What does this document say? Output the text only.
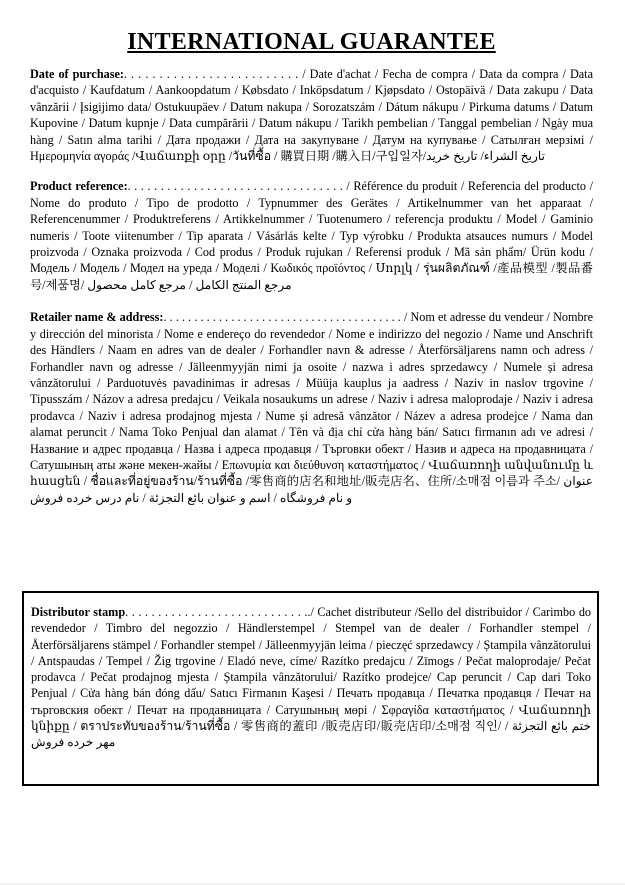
INTERNATIONAL GUARANTEE

Date of purchase:. . . . . . . . . . . . . . . . . . . . . . . . . / Date d'achat / Fecha de compra / Data da compra / Data d'acquisto / Kaufdatum / Aankoopdatum / Købsdato / Inköpsdatum / Kjøpsdato / Ostopäivä / Data zakupu / Data vânzării / Įsigijimo data/ Ostukuupäev / Datum nakupa / Sorozatszám / Dátum nákupu / Pirkuma datums / Datum Kupovine / Datum kupnje / Data cumpărării / Datum nákupu / Tarikh pembelian / Tanggal pembelian / Ngày mua hàng / Satın alma tarihi / Дата продажи / Дата на закупуване / Датум на купување / Сатылған мерзімі / Ημερομηνία αγοράς /Վաճառքի օրը /วันที่ซื้อ / 購買日期 /購入日/구입일자/تاريخ الشراء/ تاریخ خرید

Product reference:. . . . . . . . . . . . . . . . . . . . . . . . . . . . . . . . . / Référence du produit / Referencia del producto / Nome do produto / Tipo de prodotto / Typnummer des Gerätes / Artikelnummer van het apparaat / Referencenummer / Produktreferens / Artikkelnummer / Tuotenumero / referencja produktu / Model / Gaminio numeris / Toote viitenumber / Tip aparata / Vásárlás kelte / Typ výrobku / Produkta atsauces numurs / Model proizvoda / Oznaka proizvoda / Cod produs / Produk rujukan / Referensi produk / Mã sản phẩm/ Ürün kodu / Модель / Модель / Модел на уреда / Моделі / Κωδικός προϊόντος / Սորլկ / รุ่นผลิตภัณฑ์ /產品模型 /製品番号/제품명/ مرجع المنتج الكامل / مرجع كامل محصول

Retailer name & address:. . . . . . . . . . . . . . . . . . . . . . . . . . . . . . . . . . . . . . . / Nom et adresse du vendeur / Nombre y dirección del minorista / Nome e endereço do revendedor / Nome e indirizzo del negozio / Name und Anschrift des Händlers / Naam en adres van de dealer / Forhandler navn & adresse / Återförsäljarens namn och adress / Forhandler navn og adresse / Jälleenmyyjän nimi ja osoite / nazwa i adres sprzedawcy / Numele și adresa vânzătorului / Parduotuvės pavadinimas ir adresas / Müüja kauplus ja aadress / Naziv in naslov trgovine / Tipusszám / Názov a adresa predajcu / Veikala nosaukums un adrese / Naziv i adresa maloprodaje / Naziv i adresa prodavca / Naziv i adresa prodajnog mjesta / Nume și adresă vânzător / Název a adresa prodejce / Nama dan alamat peruncit / Nama Toko Penjual dan alamat / Tên và địa chỉ cửa hàng bán/ Satıcı firmanın adı ve adresi / Название и адрес продавца / Назва і адреса продавця / Търговки обект / Назив и адреса на продавницата / Сатушының аты және мекен-жайы / Επωνυμία και διεύθυνση καταστήματος / Վաճառողի անվանումը և հասցեն / ชื่อและที่อยู่ของร้าน/ร้านที่ซื้อ /零售商的店名和地址/販売店名、住所/소매점 이름과 주소/ عنوان و نام فروشگاه / اسم و عنوان بائع التجزئة / نام درس خرده فروش

Distributor stamp. . . . . . . . . . . . . . . . . . . . . . . . . . . ../ Cachet distributeur /Sello del distribuidor / Carimbo do revendedor / Timbro del negozzio / Händlerstempel / Stempel van de dealer / Forhandler stempel / Återförsäljarens stämpel / Forhandler stempel / Jälleenmyyjän leima / pieczęć sprzedawcy / Ștampila vânzătorului / Antspaudas / Tempel / Žig trgovine / Eladó neve, címe/ Razítko predajcu / Zīmogs / Pečat maloprodaje/ Pečat prodavca / Pečat prodajnog mjesta / Ștampila vânzătorului/ Razítko prodejce/ Cap peruncit / Cap dari Toko Penjual / Cửa hàng bán đóng dấu/ Satıcı Firmanın Kaşesi / Печать продавца / Печатка продавця / Печат на търговския обект / Печат на продавницата / Сатушының мөрі / Σφραγίδα καταστήματος / Վաճառողի կնիքը / ตราประทับของร้าน/ร้านที่ซื้อ / 零售商的蓋印 /販売店印/販売店印/소매점 직인/ ختم بائع التجزئة / مهر خرده فروش
